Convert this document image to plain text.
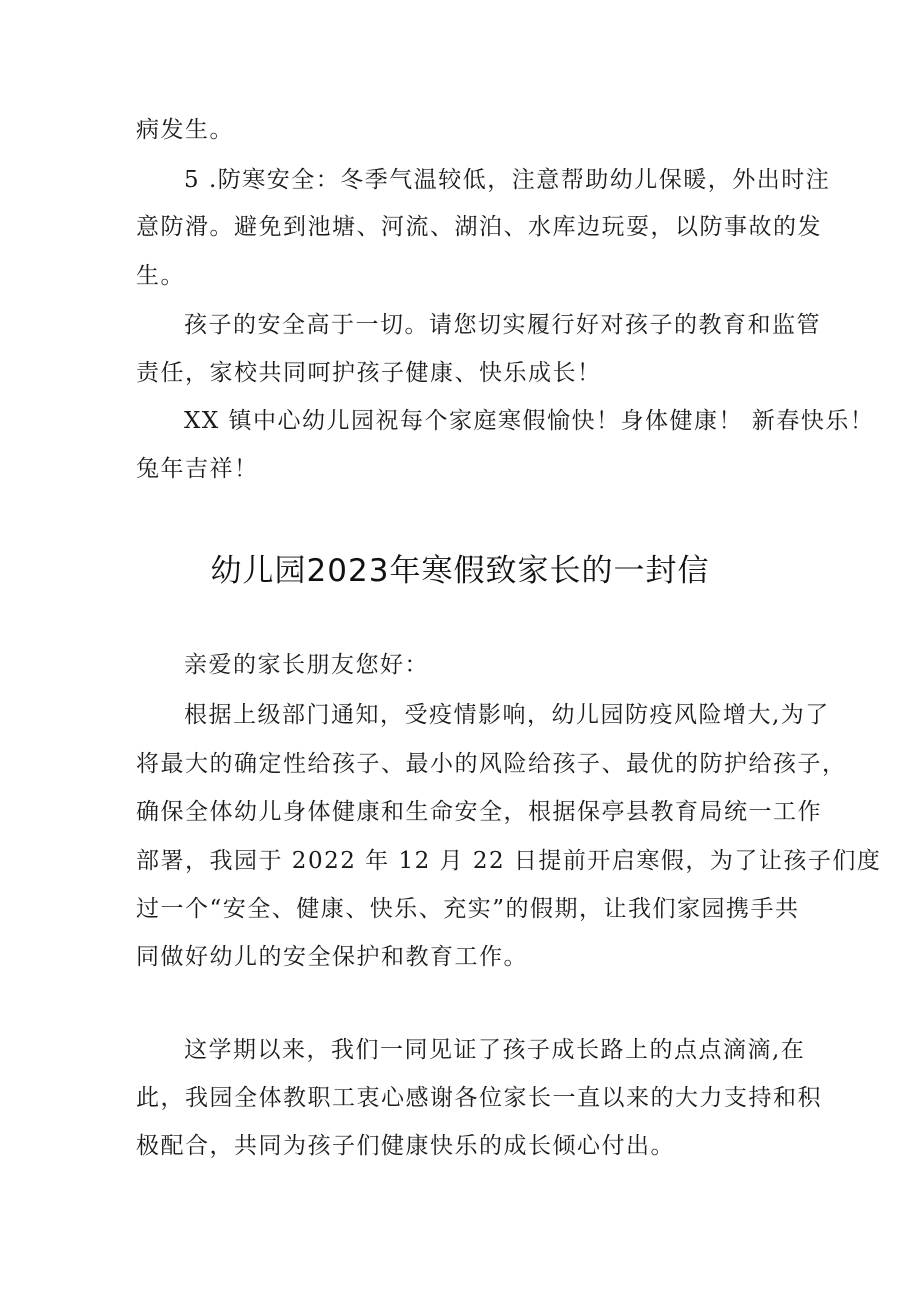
病发生。
5 .防寒安全：冬季气温较低，注意帮助幼儿保暖，外出时注
意防滑。避免到池塘、河流、湖泊、水库边玩耍，以防事故的发
生。
孩子的安全高于一切。请您切实履行好对孩子的教育和监管
责任，家校共同呵护孩子健康、快乐成长！
XX 镇中心幼儿园祝每个家庭寒假愉快！身体健康！ 新春快乐！
兔年吉祥！
幼儿园2023年寒假致家长的一封信
亲爱的家长朋友您好：
根据上级部门通知，受疫情影响，幼儿园防疫风险增大,为了
将最大的确定性给孩子、最小的风险给孩子、最优的防护给孩子，
确保全体幼儿身体健康和生命安全，根据保亭县教育局统一工作
部署，我园于 2022 年 12 月 22 日提前开启寒假，为了让孩子们度
过一个“安全、健康、快乐、充实”的假期，让我们家园携手共
同做好幼儿的安全保护和教育工作。
这学期以来，我们一同见证了孩子成长路上的点点滴滴,在
此，我园全体教职工衷心感谢各位家长一直以来的大力支持和积
极配合，共同为孩子们健康快乐的成长倾心付出。
